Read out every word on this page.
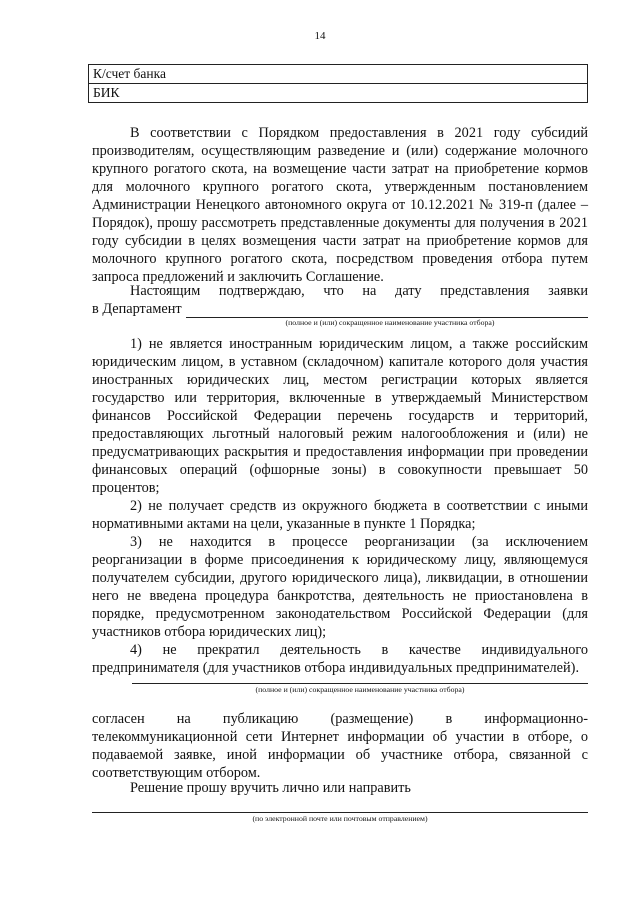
14
К/счет банка
БИК

В соответствии с Порядком предоставления в 2021 году субсидий производителям, осуществляющим разведение и (или) содержание молочного крупного рогатого скота, на возмещение части затрат на приобретение кормов для молочного крупного рогатого скота, утвержденным постановлением Администрации Ненецкого автономного округа от 10.12.2021 № 319-п (далее – Порядок), прошу рассмотреть представленные документы для получения в 2021 году субсидии в целях возмещения части затрат на приобретение кормов для молочного крупного рогатого скота, посредством проведения отбора путем запроса предложений и заключить Соглашение.

Настоящим подтверждаю, что на дату представления заявки

в Департамент

(полное и (или) сокращенное наименование участника отбора)

1) не является иностранным юридическим лицом, а также российским юридическим лицом, в уставном (складочном) капитале которого доля участия иностранных юридических лиц, местом регистрации которых является государство или территория, включенные в утверждаемый Министерством финансов Российской Федерации перечень государств и территорий, предоставляющих льготный налоговый режим налогообложения и (или) не предусматривающих раскрытия и предоставления информации при проведении финансовых операций (офшорные зоны) в совокупности превышает 50 процентов;

2) не получает средств из окружного бюджета в соответствии с иными нормативными актами на цели, указанные в пункте 1 Порядка;

3) не находится в процессе реорганизации (за исключением реорганизации в форме присоединения к юридическому лицу, являющемуся получателем субсидии, другого юридического лица), ликвидации, в отношении него не введена процедура банкротства, деятельность не приостановлена в порядке, предусмотренном законодательством Российской Федерации (для участников отбора юридических лиц);

4) не прекратил деятельность в качестве индивидуального предпринимателя (для участников отбора индивидуальных предпринимателей).

(полное и (или) сокращенное наименование участника отбора)

согласен на публикацию (размещение) в информационно-телекоммуникационной сети Интернет информации об участии в отборе, о подаваемой заявке, иной информации об участнике отбора, связанной с соответствующим отбором.

Решение прошу вручить лично или направить

(по электронной почте или почтовым отправлением)
